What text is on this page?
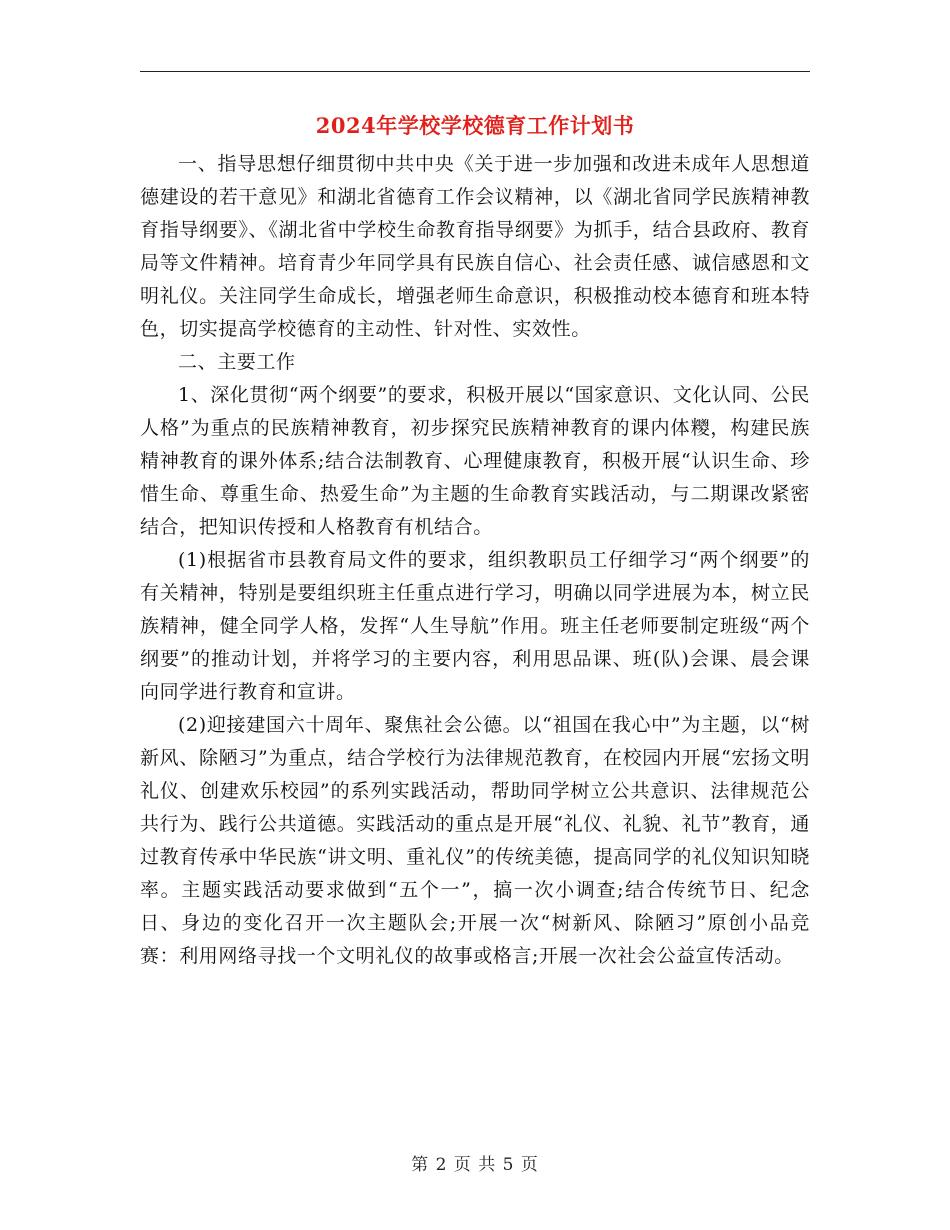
2024年学校学校德育工作计划书

一、指导思想仔细贯彻中共中央《关于进一步加强和改进未成年人思想道德建设的若干意见》和湖北省德育工作会议精神，以《湖北省同学民族精神教育指导纲要》、《湖北省中学校生命教育指导纲要》为抓手，结合县政府、教育局等文件精神。培育青少年同学具有民族自信心、社会责任感、诚信感恩和文明礼仪。关注同学生命成长，增强老师生命意识，积极推动校本德育和班本特色，切实提高学校德育的主动性、针对性、实效性。

二、主要工作

1、深化贯彻“两个纲要”的要求，积极开展以“国家意识、文化认同、公民人格”为重点的民族精神教育，初步探究民族精神教育的课内体糭，构建民族精神教育的课外体系;结合法制教育、心理健康教育，积极开展“认识生命、珍惜生命、尊重生命、热爱生命”为主题的生命教育实践活动，与二期课改紧密结合，把知识传授和人格教育有机结合。

(1)根据省市县教育局文件的要求，组织教职员工仔细学习“两个纲要”的有关精神，特别是要组织班主任重点进行学习，明确以同学进展为本，树立民族精神，健全同学人格，发挥“人生导航”作用。班主任老师要制定班级“两个纲要”的推动计划，并将学习的主要内容，利用思品课、班(队)会课、晨会课向同学进行教育和宣讲。

(2)迎接建国六十周年、聚焦社会公德。以“祖国在我心中”为主题，以“树新风、除陋习”为重点，结合学校行为法律规范教育，在校园内开展“宏扬文明礼仪、创建欢乐校园”的系列实践活动，帮助同学树立公共意识、法律规范公共行为、践行公共道德。实践活动的重点是开展“礼仪、礼貌、礼节”教育，通过教育传承中华民族“讲文明、重礼仪”的传统美德，提高同学的礼仪知识知晓率。主题实践活动要求做到“五个一”，搞一次小调查;结合传统节日、纪念日、身边的变化召开一次主题队会;开展一次“树新风、除陋习”原创小品竞赛：利用网络寻找一个文明礼仪的故事或格言;开展一次社会公益宣传活动。

第 2 页 共 5 页
